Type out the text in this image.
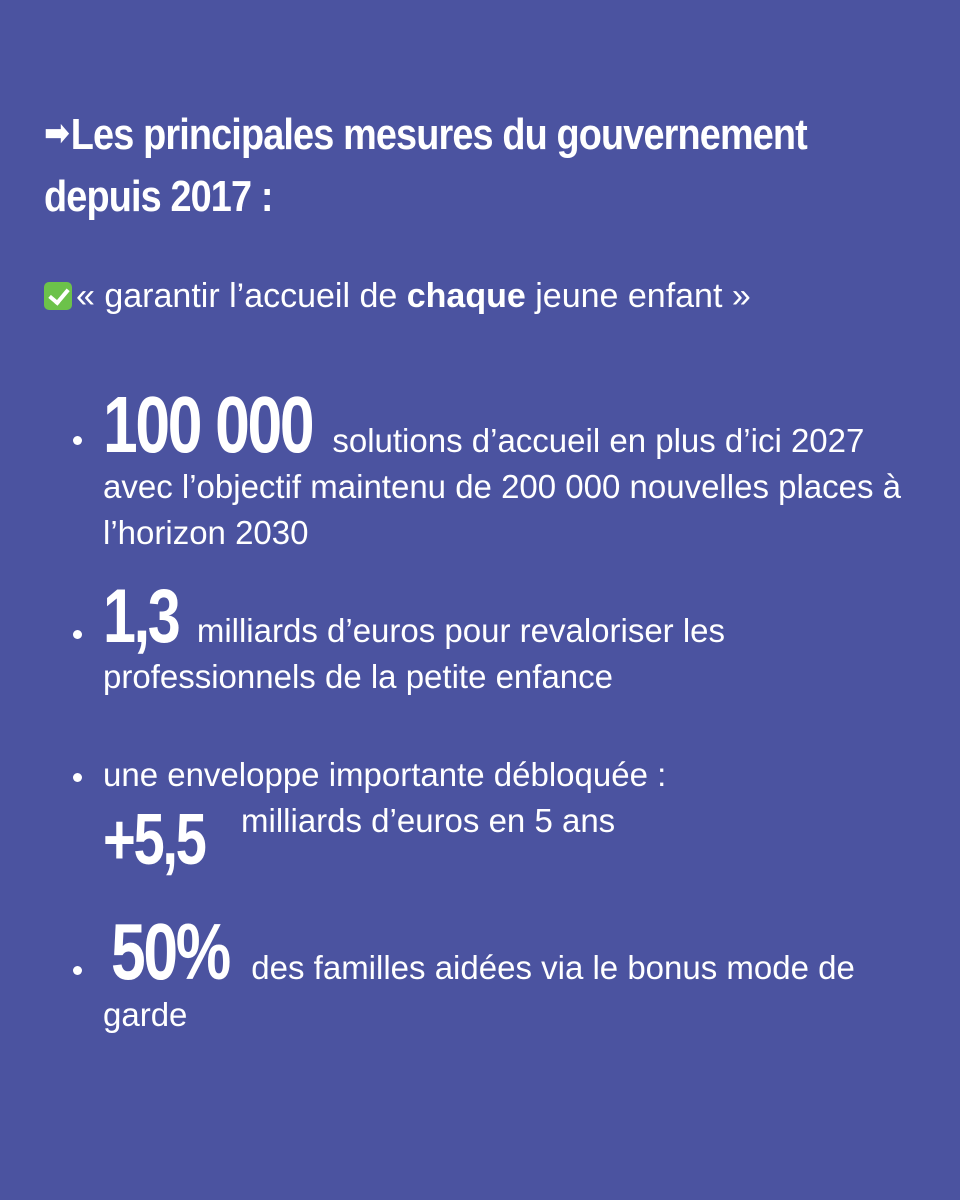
➡Les principales mesures du gouvernement
depuis 2017 :
« garantir l’accueil de chaque jeune enfant »
100 000 solutions d’accueil en plus d’ici 2027 avec l’objectif maintenu de 200 000 nouvelles places à l’horizon 2030
1,3 milliards d’euros pour revaloriser les professionnels de la petite enfance
une enveloppe importante débloquée :
+5,5 milliards d’euros en 5 ans
50% des familles aidées via le bonus mode de garde
